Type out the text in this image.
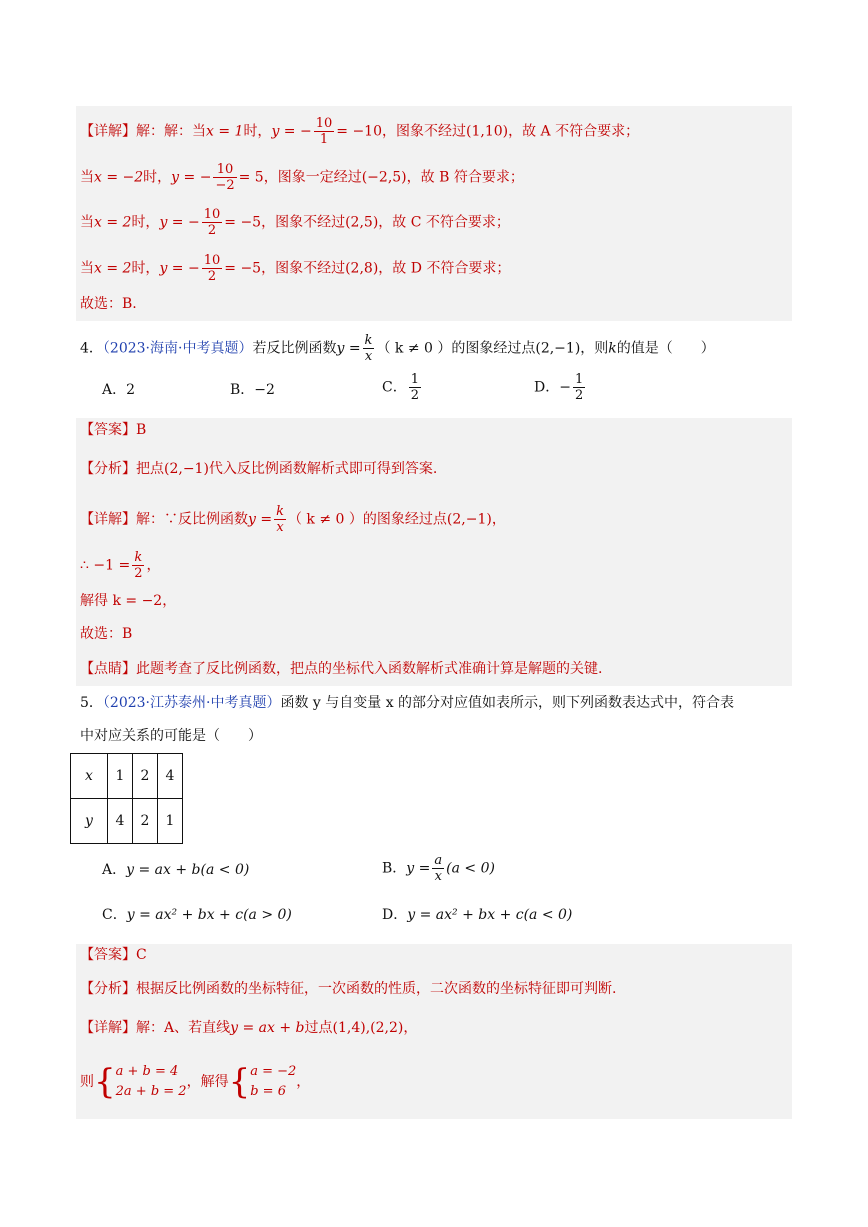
【详解】解：解：当x = 1时，y = − $\frac{10}{1} = -10$，图象不经过(1,10)，故 A 不符合要求；
当x = −2时，y = − $\frac{10}{-2} = 5$，图象一定经过(−2,5)，故 B 符合要求；
当x = 2时，y = − $\frac{10}{2} = -5$，图象不经过(2,5)，故 C 不符合要求；
当x = 2时，y = − $\frac{10}{2} = -5$，图象不经过(2,8)，故 D 不符合要求；
故选：B.
4．（2023·海南·中考真题）若反比例函数$y = \frac{k}{x}$ （ k ≠ 0 ）的图象经过点(2,−1)，则k的值是（　　）
A．2	B．−2	C． $\frac{1}{2}$	D．− $\frac{1}{2}$
【答案】B
【分析】把点(2,−1)代入反比例函数解析式即可得到答案.
【详解】解：∵反比例函数$y = \frac{k}{x}$ （ k ≠ 0 ）的图象经过点(2,−1)，
∴ $-1 = \frac{k}{2}$ ，
解得 k = −2，
故选：B
【点睛】此题考查了反比例函数，把点的坐标代入函数解析式准确计算是解题的关键.
5．（2023·江苏泰州·中考真题）函数 y 与自变量 x 的部分对应值如表所示，则下列函数表达式中，符合表
中对应关系的可能是（　　）
x	1	2	4
y	4	2	1
A．y = ax + b(a < 0)	B．$y = \frac{a}{x} (a < 0)$
C．y = ax² + bx + c(a > 0)	D．y = ax² + bx + c(a < 0)
【答案】C
【分析】根据反比例函数的坐标特征，一次函数的性质，二次函数的坐标特征即可判断.
【详解】解：A、若直线y = ax + b过点(1,4),(2,2)，
则{ a + b = 4
2a + b = 2
，解得{ a = −2
b = 6
，
